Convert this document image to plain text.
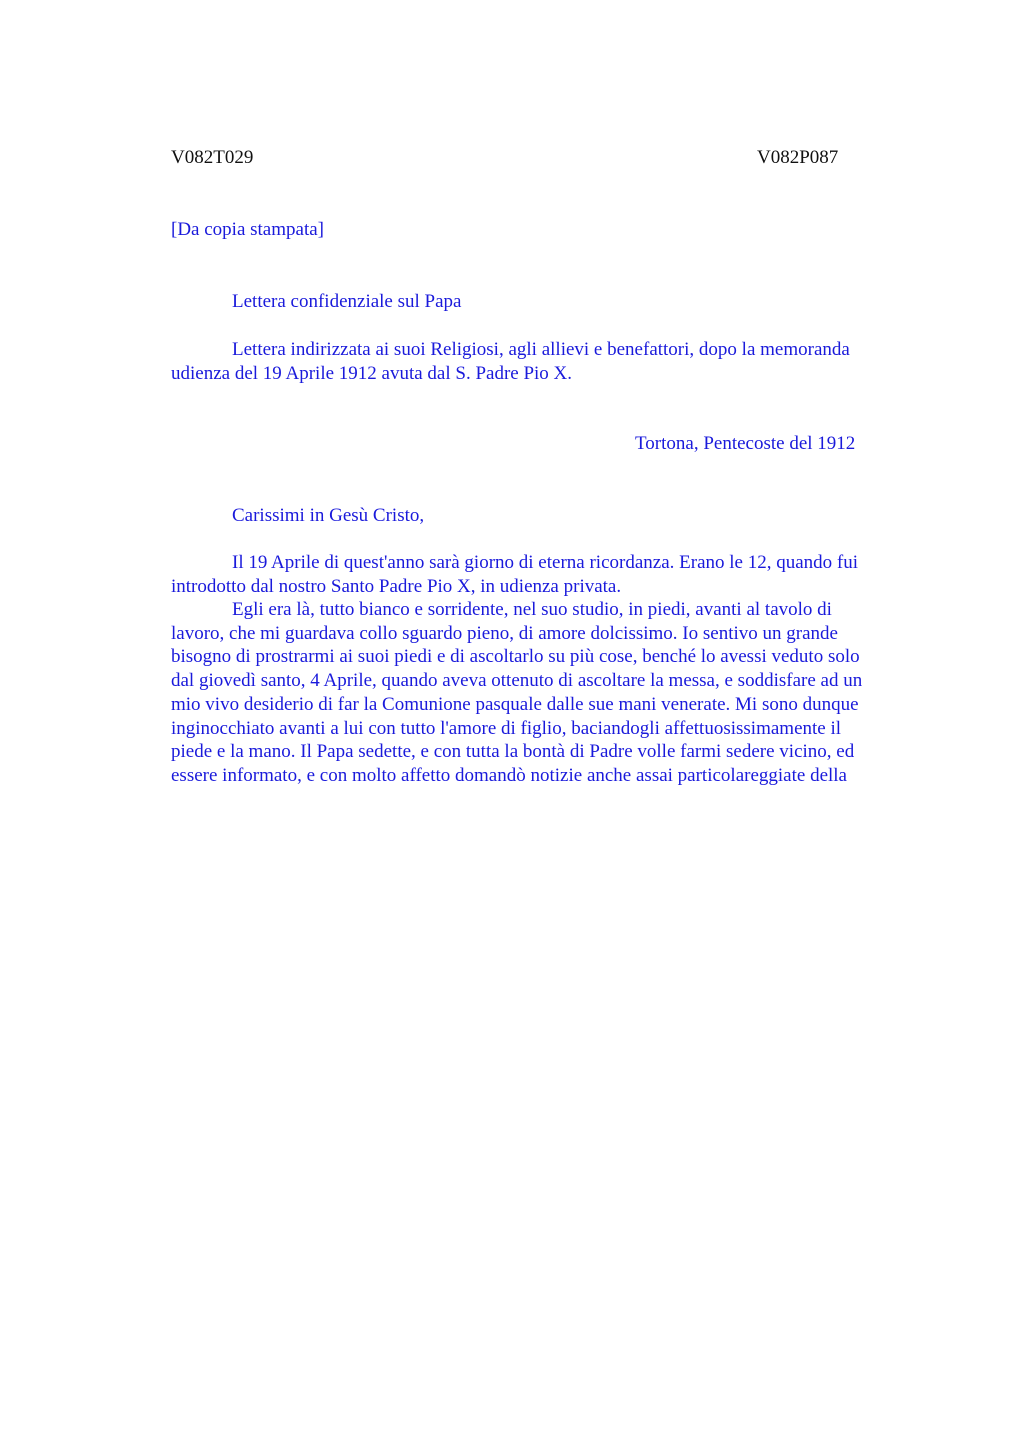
V082T029	V082P087
[Da copia stampata]
Lettera confidenziale sul Papa
Lettera indirizzata ai suoi Religiosi, agli allievi e benefattori, dopo la memoranda
udienza del 19 Aprile 1912 avuta dal S. Padre Pio X.
Tortona, Pentecoste del 1912
Carissimi in Gesù Cristo,
Il 19 Aprile di quest'anno sarà giorno di eterna ricordanza. Erano le 12, quando fui
introdotto dal nostro Santo Padre Pio X, in udienza privata.
Egli era là, tutto bianco e sorridente, nel suo studio, in piedi, avanti al tavolo di
lavoro, che mi guardava collo sguardo pieno, di amore dolcissimo. Io sentivo un grande
bisogno di prostrarmi ai suoi piedi e di ascoltarlo su più cose, benché lo avessi veduto solo
dal giovedì santo, 4 Aprile, quando aveva ottenuto di ascoltare la messa, e soddisfare ad un
mio vivo desiderio di far la Comunione pasquale dalle sue mani venerate. Mi sono dunque
inginocchiato avanti a lui con tutto l'amore di figlio, baciandogli affettuosissimamente il
piede e la mano. Il Papa sedette, e con tutta la bontà di Padre volle farmi sedere vicino, ed
essere informato, e con molto affetto domandò notizie anche assai particolareggiate della
